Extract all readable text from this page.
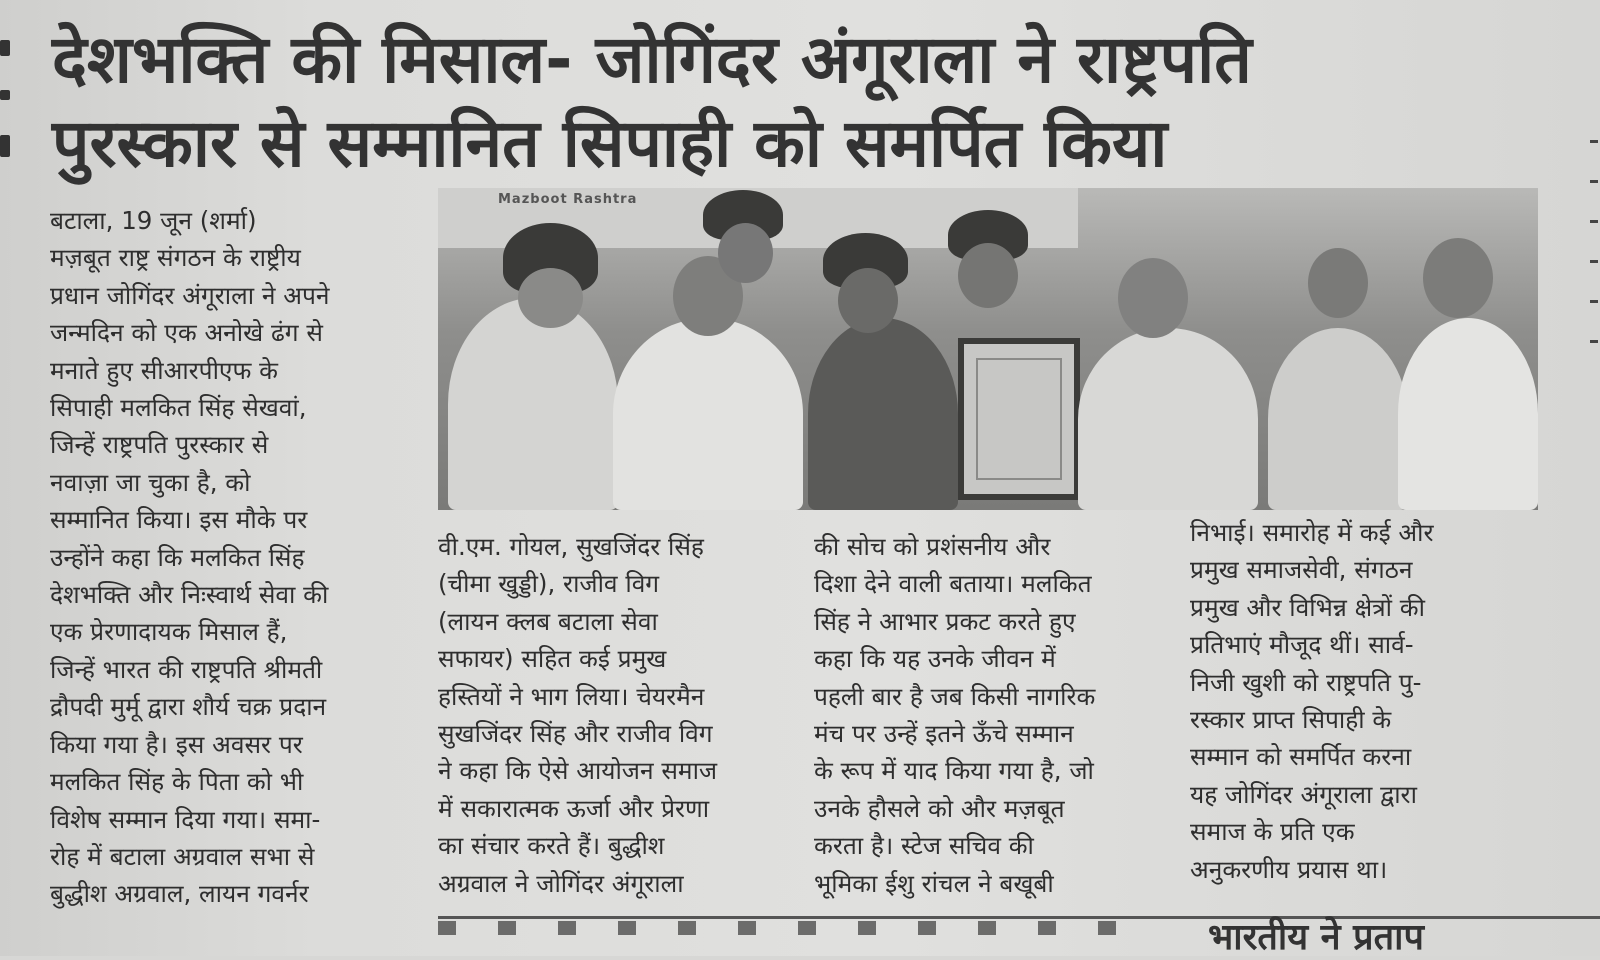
देशभक्ति की मिसाल- जोगिंदर अंगूराला ने राष्ट्रपति
पुरस्कार से सम्मानित सिपाही को समर्पित किया
Mazboot Rashtra
बटाला, 19 जून (शर्मा)
मज़बूत राष्ट्र संगठन के राष्ट्रीय
प्रधान जोगिंदर अंगूराला ने अपने
जन्मदिन को एक अनोखे ढंग से
मनाते हुए सीआरपीएफ के
सिपाही मलकित सिंह सेखवां,
जिन्हें राष्ट्रपति पुरस्कार से
नवाज़ा जा चुका है, को
सम्मानित किया। इस मौके पर
उन्होंने कहा कि मलकित सिंह
देशभक्ति और निःस्वार्थ सेवा की
एक प्रेरणादायक मिसाल हैं,
जिन्हें भारत की राष्ट्रपति श्रीमती
द्रौपदी मुर्मू द्वारा शौर्य चक्र प्रदान
किया गया है। इस अवसर पर
मलकित सिंह के पिता को भी
विशेष सम्मान दिया गया। समा-
रोह में बटाला अग्रवाल सभा से
बुद्धीश अग्रवाल, लायन गवर्नर
वी.एम. गोयल, सुखजिंदर सिंह
(चीमा खुड्डी), राजीव विग
(लायन क्लब बटाला सेवा
सफायर) सहित कई प्रमुख
हस्तियों ने भाग लिया। चेयरमैन
सुखजिंदर सिंह और राजीव विग
ने कहा कि ऐसे आयोजन समाज
में सकारात्मक ऊर्जा और प्रेरणा
का संचार करते हैं। बुद्धीश
अग्रवाल ने जोगिंदर अंगूराला
की सोच को प्रशंसनीय और
दिशा देने वाली बताया। मलकित
सिंह ने आभार प्रकट करते हुए
कहा कि यह उनके जीवन में
पहली बार है जब किसी नागरिक
मंच पर उन्हें इतने ऊँचे सम्मान
के रूप में याद किया गया है, जो
उनके हौसले को और मज़बूत
करता है। स्टेज सचिव की
भूमिका ईशु रांचल ने बखूबी
निभाई। समारोह में कई और
प्रमुख समाजसेवी, संगठन
प्रमुख और विभिन्न क्षेत्रों की
प्रतिभाएं मौजूद थीं। सार्व-
निजी खुशी को राष्ट्रपति पु-
रस्कार प्राप्त सिपाही के
सम्मान को समर्पित करना
यह जोगिंदर अंगूराला द्वारा
समाज के प्रति एक
अनुकरणीय प्रयास था।
भारतीय ने प्रताप
